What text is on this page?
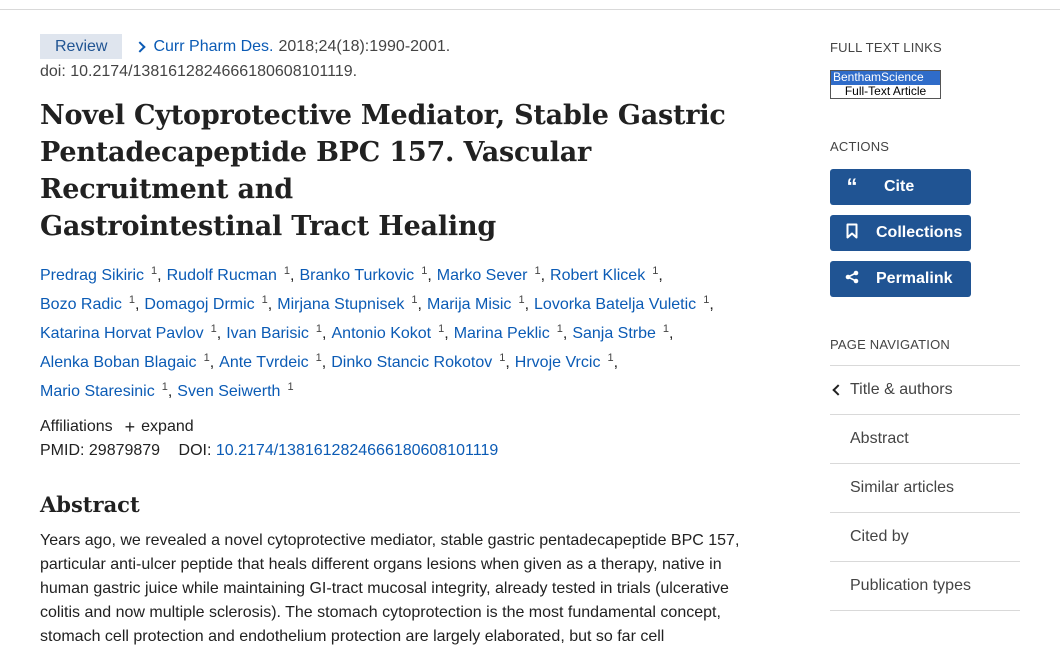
Review	Curr Pharm Des. 2018;24(18):1990-2001.
doi: 10.2174/1381612824666180608101119.
Novel Cytoprotective Mediator, Stable Gastric
Pentadecapeptide BPC 157. Vascular Recruitment and
Gastrointestinal Tract Healing
Predrag Sikiric $^1$, Rudolf Rucman $^1$, Branko Turkovic $^1$, Marko Sever $^1$, Robert Klicek $^1$,
Bozo Radic $^1$, Domagoj Drmic $^1$, Mirjana Stupnisek $^1$, Marija Misic $^1$, Lovorka Batelja Vuletic $^1$,
Katarina Horvat Pavlov $^1$, Ivan Barisic $^1$, Antonio Kokot $^1$, Marina Peklic $^1$, Sanja Strbe $^1$,
Alenka Boban Blagaic $^1$, Ante Tvrdeic $^1$, Dinko Stancic Rokotov $^1$, Hrvoje Vrcic $^1$,
Mario Staresinic $^1$, Sven Seiwerth $^1$
Affiliations + expand
PMID: 29879879 DOI: 10.2174/1381612824666180608101119
Abstract
Years ago, we revealed a novel cytoprotective mediator, stable gastric pentadecapeptide BPC 157,
particular anti-ulcer peptide that heals different organs lesions when given as a therapy, native in
human gastric juice while maintaining GI-tract mucosal integrity, already tested in trials (ulcerative
colitis and now multiple sclerosis). The stomach cytoprotection is the most fundamental concept,
stomach cell protection and endothelium protection are largely elaborated, but so far cell
FULL TEXT LINKS
BenthamScience
Full-Text Article
ACTIONS
“ Cite
Collections
Permalink
PAGE NAVIGATION
Title & authors
Abstract
Similar articles
Cited by
Publication types
